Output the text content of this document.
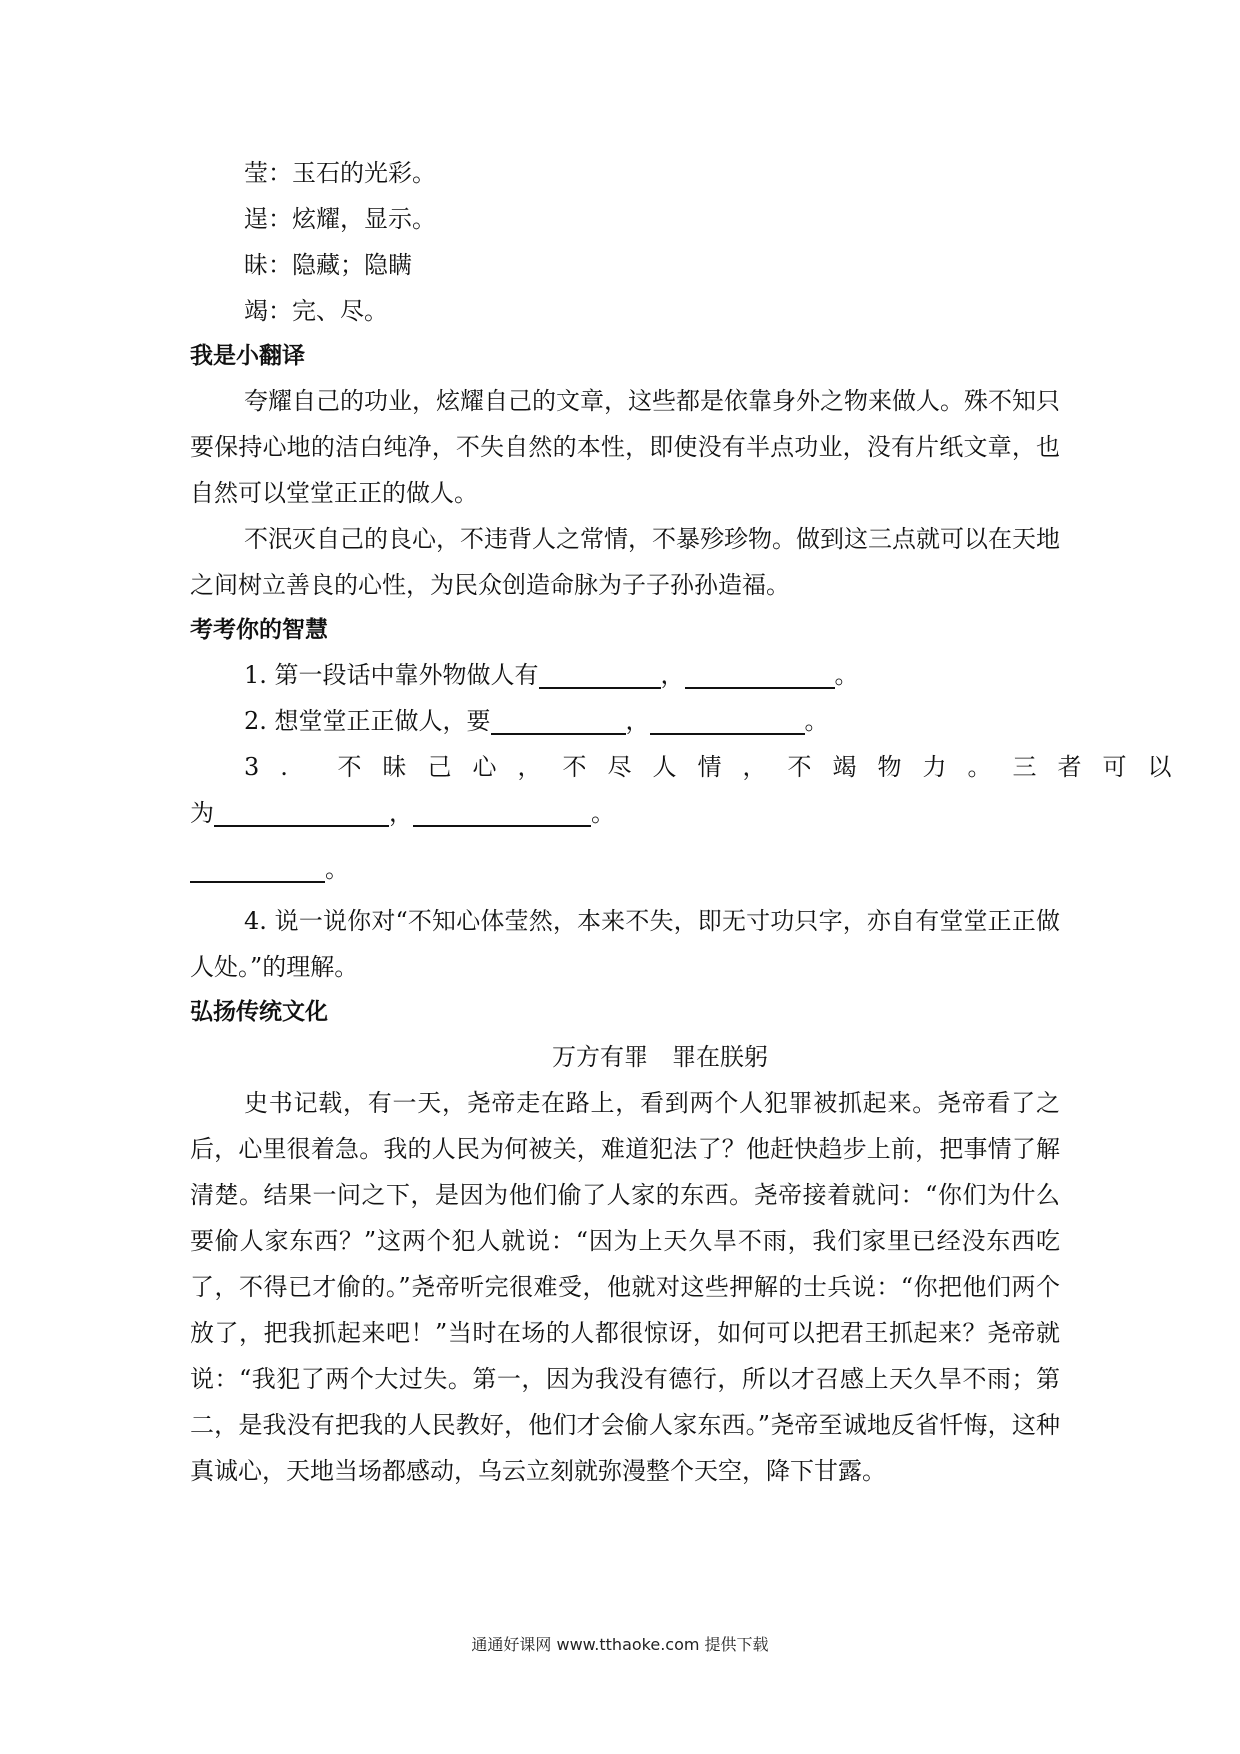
莹：玉石的光彩。
逞：炫耀，显示。
昧：隐藏；隐瞒
竭：完、尽。
我是小翻译

夸耀自己的功业，炫耀自己的文章，这些都是依靠身外之物来做人。殊不知只要保持心地的洁白纯净，不失自然的本性，即使没有半点功业，没有片纸文章，也自然可以堂堂正正的做人。

不泯灭自己的良心，不违背人之常情，不暴殄珍物。做到这三点就可以在天地之间树立善良的心性，为民众创造命脉为子子孙孙造福。

考考你的智慧
1. 第一段话中靠外物做人有	，	。
2. 想堂堂正正做人，要	，	。
3. 不昧己心，不尽人情，不竭物力。三者可以
为	，	。
。

4. 说一说你对“不知心体莹然，本来不失，即无寸功只字，亦自有堂堂正正做人处。”的理解。

弘扬传统文化
万方有罪　罪在朕躬

史书记载，有一天，尧帝走在路上，看到两个人犯罪被抓起来。尧帝看了之后，心里很着急。我的人民为何被关，难道犯法了？他赶快趋步上前，把事情了解清楚。结果一问之下，是因为他们偷了人家的东西。尧帝接着就问：“你们为什么要偷人家东西？”这两个犯人就说：“因为上天久旱不雨，我们家里已经没东西吃了，不得已才偷的。”尧帝听完很难受，他就对这些押解的士兵说：“你把他们两个放了，把我抓起来吧！”当时在场的人都很惊讶，如何可以把君王抓起来？尧帝就说：“我犯了两个大过失。第一，因为我没有德行，所以才召感上天久旱不雨；第二，是我没有把我的人民教好，他们才会偷人家东西。”尧帝至诚地反省忏悔，这种真诚心，天地当场都感动，乌云立刻就弥漫整个天空，降下甘露。

通通好课网 www.tthaoke.com 提供下载
